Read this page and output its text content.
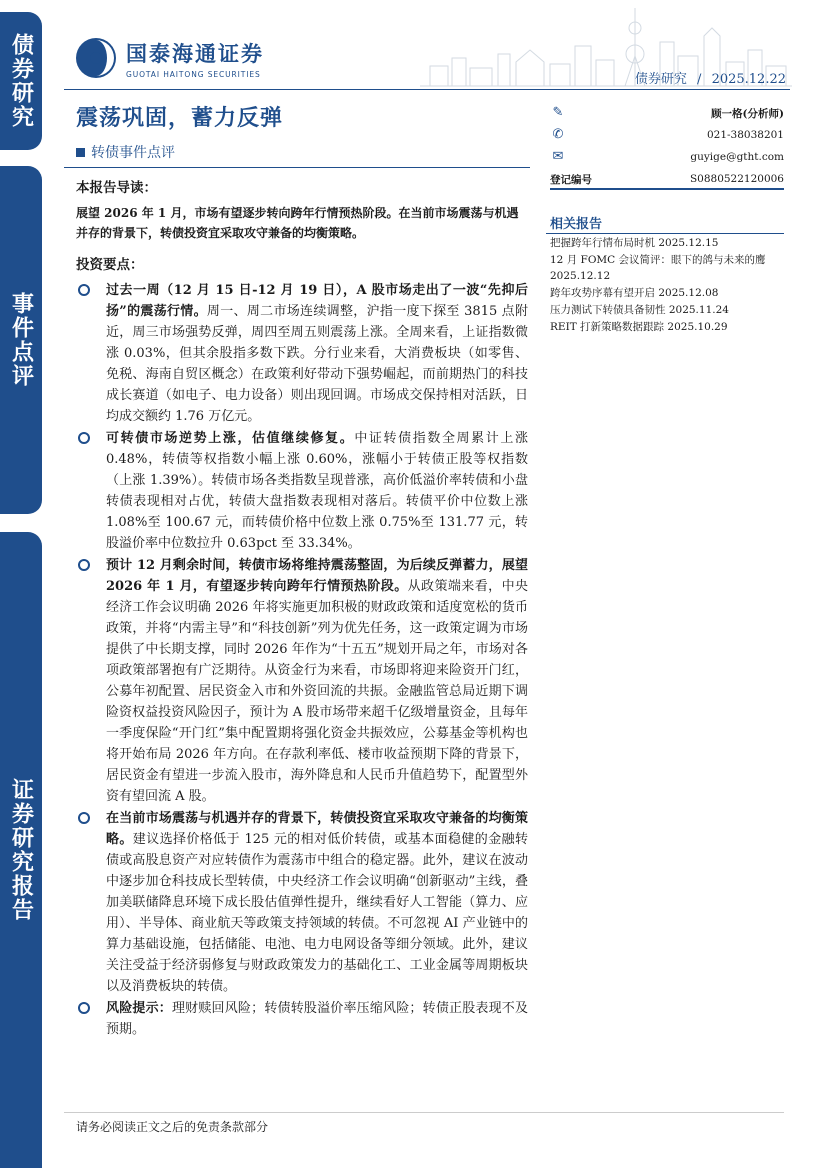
债券研究
事件点评
证券研究报告
国泰海通证券
GUOTAI HAITONG SECURITIES	债券研究 / 2025.12.22
震荡巩固，蓄力反弹
转债事件点评
✎	顾一格(分析师)
✆	021-38038201
✉	guyige@gtht.com
登记编号	S0880522120006
相关报告
把握跨年行情布局时机 2025.12.15
12 月 FOMC 会议简评：眼下的鸽与未来的鹰 2025.12.12
跨年攻势序幕有望开启 2025.12.08
压力测试下转债具备韧性 2025.11.24
REIT 打新策略数据跟踪 2025.10.29
本报告导读：
展望 2026 年 1 月，市场有望逐步转向跨年行情预热阶段。在当前市场震荡与机遇并存的背景下，转债投资宜采取攻守兼备的均衡策略。
投资要点：
过去一周（12 月 15 日-12 月 19 日），A 股市场走出了一波“先抑后扬”的震荡行情。周一、周二市场连续调整，沪指一度下探至 3815 点附近，周三市场强势反弹，周四至周五则震荡上涨。全周来看，上证指数微涨 0.03%，但其余股指多数下跌。分行业来看，大消费板块（如零售、免税、海南自贸区概念）在政策利好带动下强势崛起，而前期热门的科技成长赛道（如电子、电力设备）则出现回调。市场成交保持相对活跃，日均成交额约 1.76 万亿元。
可转债市场逆势上涨，估值继续修复。中证转债指数全周累计上涨 0.48%，转债等权指数小幅上涨 0.60%，涨幅小于转债正股等权指数（上涨 1.39%）。转债市场各类指数呈现普涨，高价低溢价率转债和小盘转债表现相对占优，转债大盘指数表现相对落后。转债平价中位数上涨 1.08%至 100.67 元，而转债价格中位数上涨 0.75%至 131.77 元，转股溢价率中位数拉升 0.63pct 至 33.34%。
预计 12 月剩余时间，转债市场将维持震荡整固，为后续反弹蓄力，展望 2026 年 1 月，有望逐步转向跨年行情预热阶段。从政策端来看，中央经济工作会议明确 2026 年将实施更加积极的财政政策和适度宽松的货币政策，并将“内需主导”和“科技创新”列为优先任务，这一政策定调为市场提供了中长期支撑，同时 2026 年作为“十五五”规划开局之年，市场对各项政策部署抱有广泛期待。从资金行为来看，市场即将迎来险资开门红，公募年初配置、居民资金入市和外资回流的共振。金融监管总局近期下调险资权益投资风险因子，预计为 A 股市场带来超千亿级增量资金，且每年一季度保险“开门红”集中配置期将强化资金共振效应，公募基金等机构也将开始布局 2026 年方向。在存款利率低、楼市收益预期下降的背景下，居民资金有望进一步流入股市，海外降息和人民币升值趋势下，配置型外资有望回流 A 股。
在当前市场震荡与机遇并存的背景下，转债投资宜采取攻守兼备的均衡策略。建议选择价格低于 125 元的相对低价转债，或基本面稳健的金融转债或高股息资产对应转债作为震荡市中组合的稳定器。此外，建议在波动中逐步加仓科技成长型转债，中央经济工作会议明确“创新驱动”主线，叠加美联储降息环境下成长股估值弹性提升，继续看好人工智能（算力、应用）、半导体、商业航天等政策支持领域的转债。不可忽视 AI 产业链中的算力基础设施，包括储能、电池、电力电网设备等细分领域。此外，建议关注受益于经济弱修复与财政政策发力的基础化工、工业金属等周期板块以及消费板块的转债。
风险提示：理财赎回风险；转债转股溢价率压缩风险；转债正股表现不及预期。
请务必阅读正文之后的免责条款部分
